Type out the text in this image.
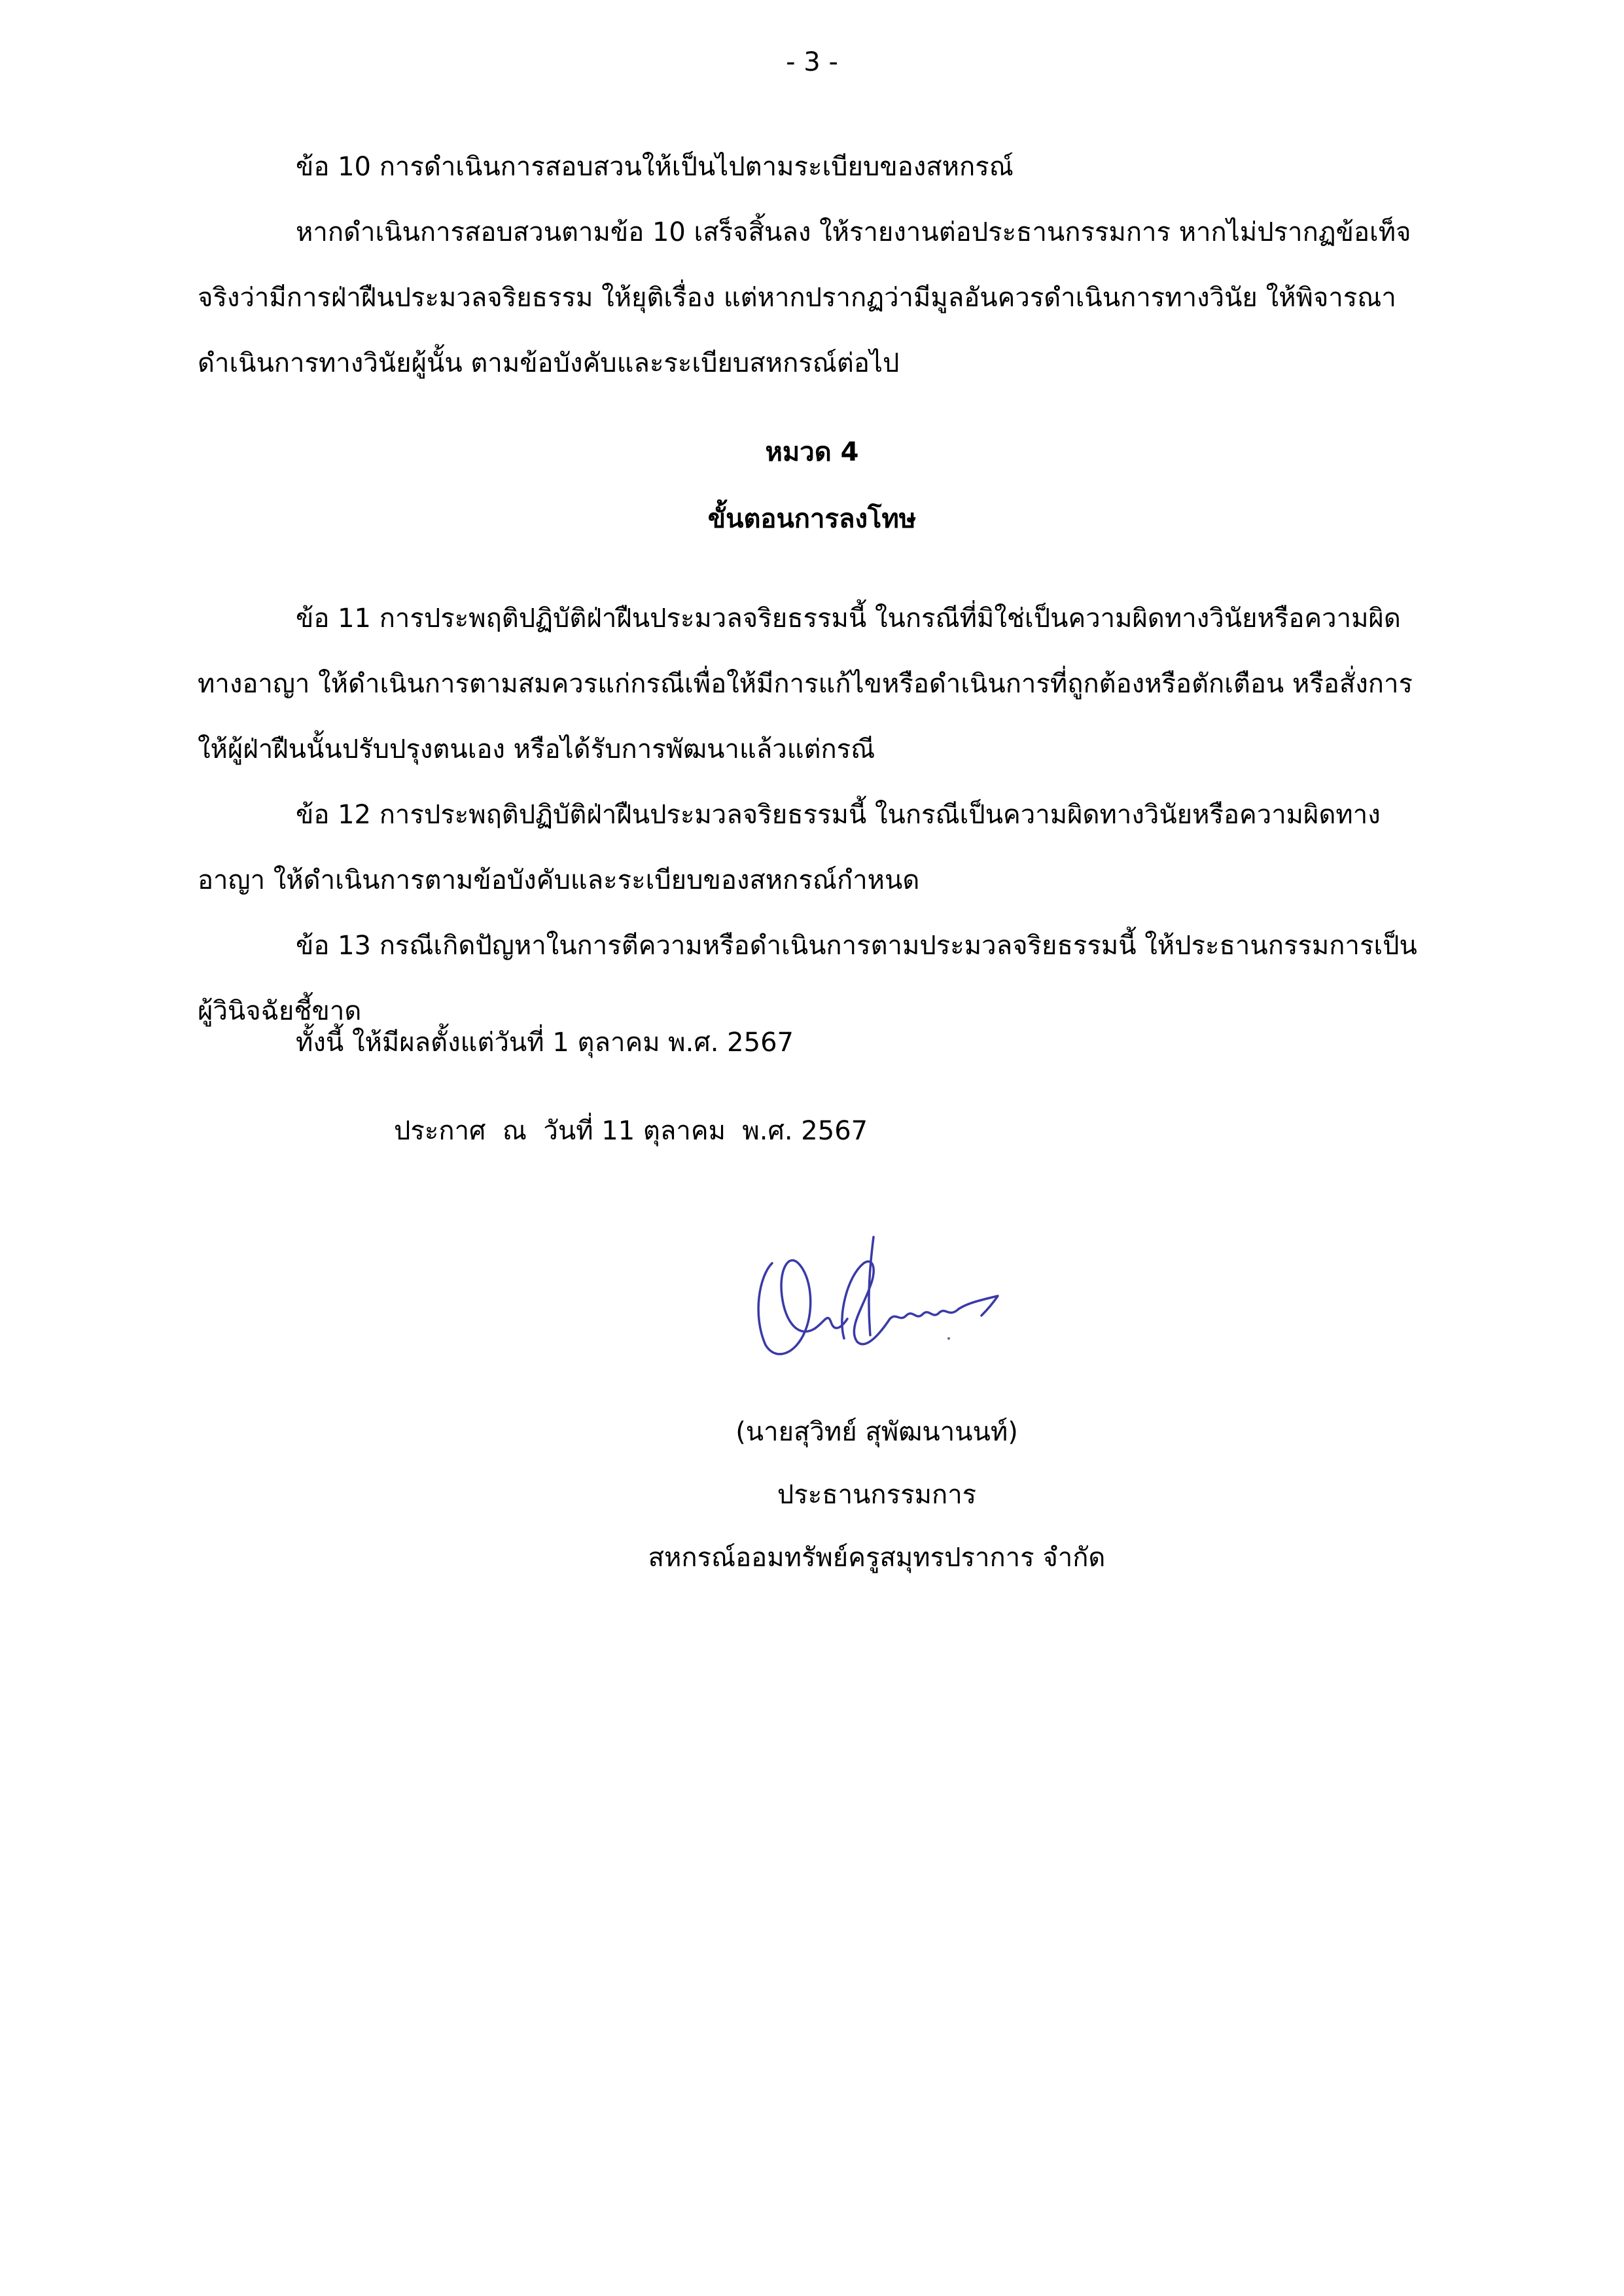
- 3 -

ข้อ 10 การดำเนินการสอบสวนให้เป็นไปตามระเบียบของสหกรณ์

หากดำเนินการสอบสวนตามข้อ 10 เสร็จสิ้นลง ให้รายงานต่อประธานกรรมการ หากไม่ปรากฏข้อเท็จจริงว่ามีการฝ่าฝืนประมวลจริยธรรม ให้ยุติเรื่อง แต่หากปรากฏว่ามีมูลอันควรดำเนินการทางวินัย ให้พิจารณาดำเนินการทางวินัยผู้นั้น ตามข้อบังคับและระเบียบสหกรณ์ต่อไป

หมวด 4
ขั้นตอนการลงโทษ

ข้อ 11 การประพฤติปฏิบัติฝ่าฝืนประมวลจริยธรรมนี้ ในกรณีที่มิใช่เป็นความผิดทางวินัยหรือความผิดทางอาญา ให้ดำเนินการตามสมควรแก่กรณีเพื่อให้มีการแก้ไขหรือดำเนินการที่ถูกต้องหรือตักเตือน หรือสั่งการให้ผู้ฝ่าฝืนนั้นปรับปรุงตนเอง หรือได้รับการพัฒนาแล้วแต่กรณี

ข้อ 12 การประพฤติปฏิบัติฝ่าฝืนประมวลจริยธรรมนี้ ในกรณีเป็นความผิดทางวินัยหรือความผิดทางอาญา ให้ดำเนินการตามข้อบังคับและระเบียบของสหกรณ์กำหนด

ข้อ 13 กรณีเกิดปัญหาในการตีความหรือดำเนินการตามประมวลจริยธรรมนี้ ให้ประธานกรรมการเป็นผู้วินิจฉัยชี้ขาด

ทั้งนี้ ให้มีผลตั้งแต่วันที่ 1 ตุลาคม พ.ศ. 2567
ประกาศ  ณ  วันที่ 11 ตุลาคม  พ.ศ. 2567
(นายสุวิทย์ สุพัฒนานนท์)
ประธานกรรมการ
สหกรณ์ออมทรัพย์ครูสมุทรปราการ จำกัด
